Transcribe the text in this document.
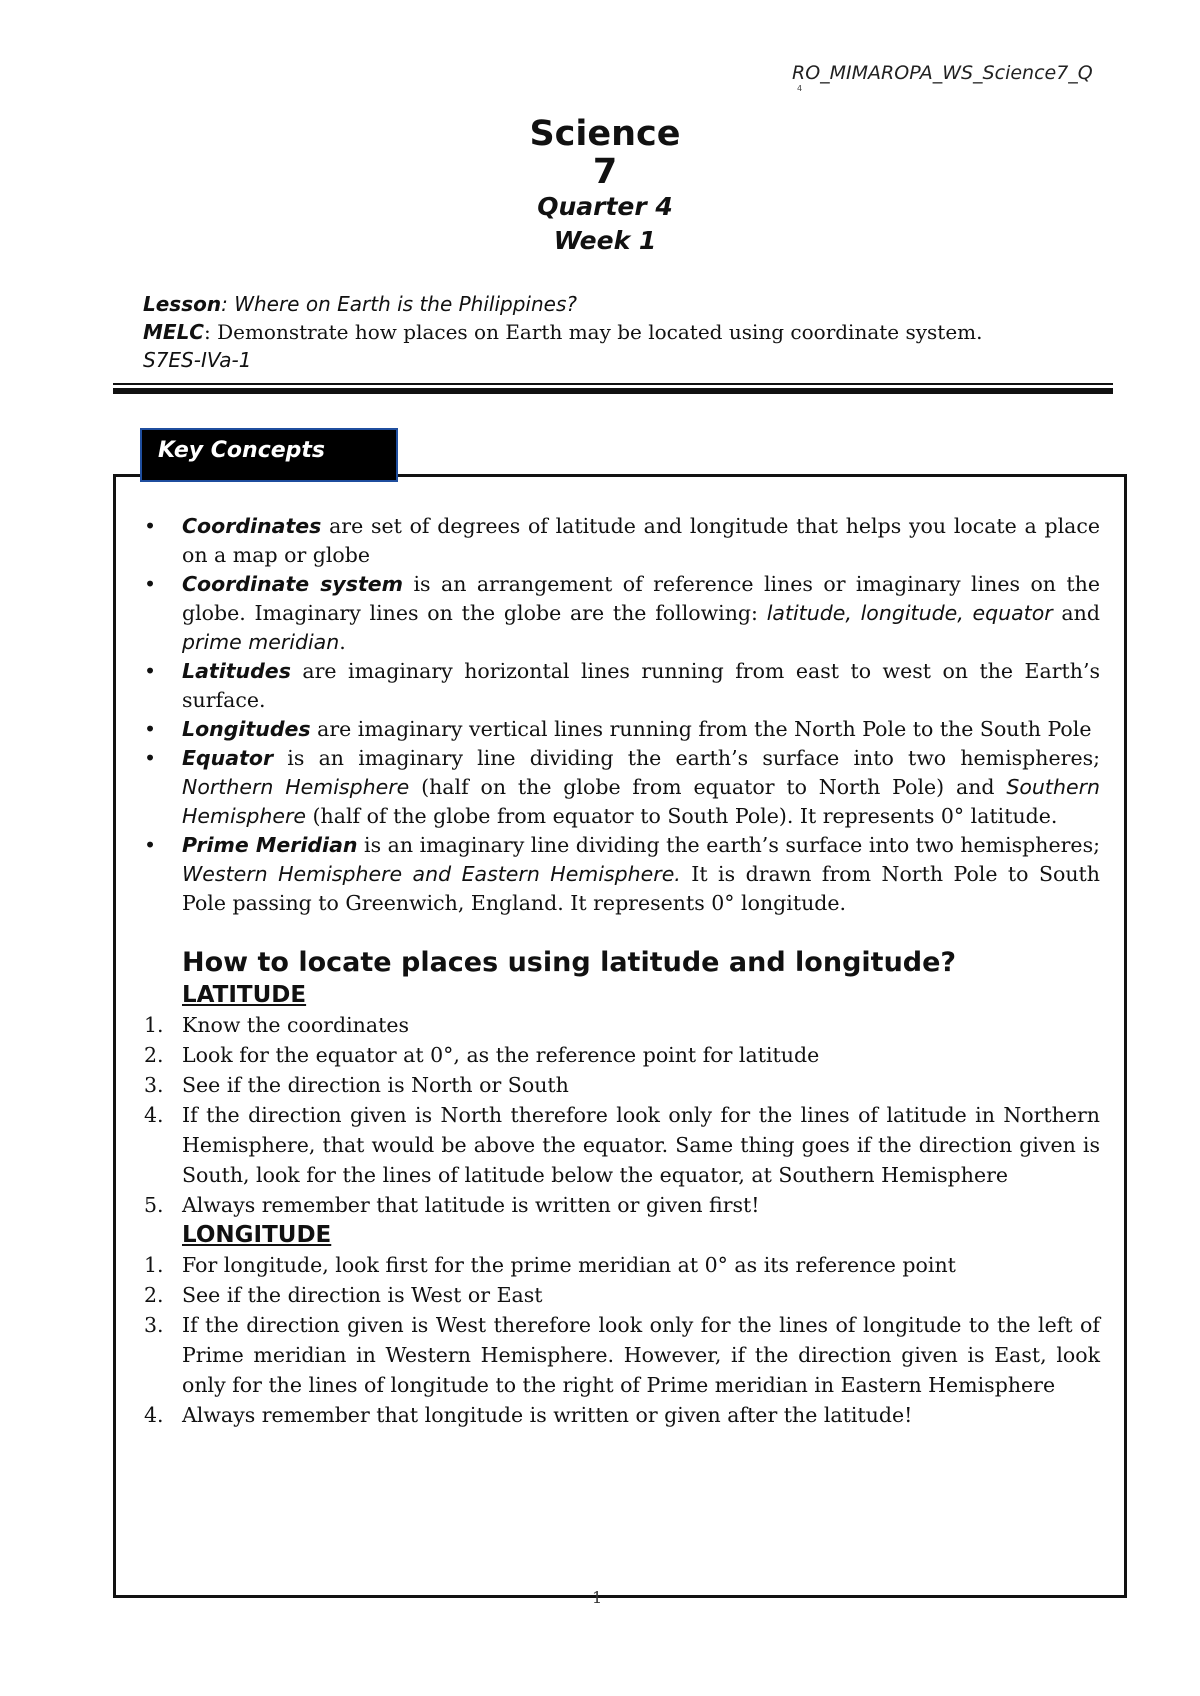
RO_MIMAROPA_WS_Science7_Q
4
Science
7
Quarter 4
Week 1
Lesson: Where on Earth is the Philippines?
MELC: Demonstrate how places on Earth may be located using coordinate system.
S7ES-IVa-1
Key Concepts
• Coordinates are set of degrees of latitude and longitude that helps you locate a place on a map or globe
• Coordinate system is an arrangement of reference lines or imaginary lines on the globe. Imaginary lines on the globe are the following: latitude, longitude, equator and prime meridian.
• Latitudes are imaginary horizontal lines running from east to west on the Earth’s surface.
• Longitudes are imaginary vertical lines running from the North Pole to the South Pole
• Equator is an imaginary line dividing the earth’s surface into two hemispheres; Northern Hemisphere (half on the globe from equator to North Pole) and Southern Hemisphere (half of the globe from equator to South Pole). It represents 0° latitude.
• Prime Meridian is an imaginary line dividing the earth’s surface into two hemispheres; Western Hemisphere and Eastern Hemisphere. It is drawn from North Pole to South Pole passing to Greenwich, England. It represents 0° longitude.
How to locate places using latitude and longitude?
LATITUDE
1. Know the coordinates
2. Look for the equator at 0°, as the reference point for latitude
3. See if the direction is North or South
4. If the direction given is North therefore look only for the lines of latitude in Northern Hemisphere, that would be above the equator. Same thing goes if the direction given is South, look for the lines of latitude below the equator, at Southern Hemisphere
5. Always remember that latitude is written or given first!
LONGITUDE
1. For longitude, look first for the prime meridian at 0° as its reference point
2. See if the direction is West or East
3. If the direction given is West therefore look only for the lines of longitude to the left of Prime meridian in Western Hemisphere. However, if the direction given is East, look only for the lines of longitude to the right of Prime meridian in Eastern Hemisphere
4. Always remember that longitude is written or given after the latitude!
1
